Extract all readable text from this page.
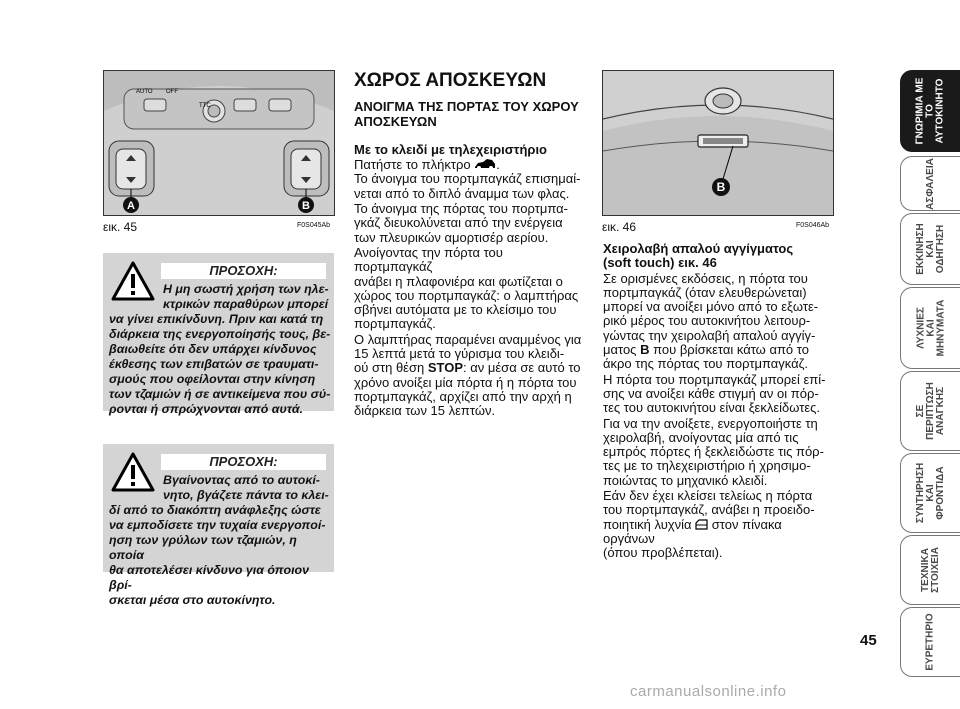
AUTO OFF
TTC
A	B
εικ. 45	F0S045Ab
ΠΡΟΣΟΧΗ:
Η μη σωστή χρήση των ηλε-
κτρικών παραθύρων μπορεί
να γίνει επικίνδυνη. Πριν και κατά τη
διάρκεια της ενεργοποίησής τους, βε-
βαιωθείτε ότι δεν υπάρχει κίνδυνος
έκθεσης των επιβατών σε τραυματι-
σμούς που οφείλονται στην κίνηση
των τζαμιών ή σε αντικείμενα που σύ-
ρονται ή σπρώχνονται από αυτά.
ΠΡΟΣΟΧΗ:
Βγαίνοντας από το αυτοκί-
νητο, βγάζετε πάντα το κλει-
δί από το διακόπτη ανάφλεξης ώστε
να εμποδίσετε την τυχαία ενεργοποί-
ηση των γρύλων των τζαμιών, η οποία
θα αποτελέσει κίνδυνο για όποιον βρί-
σκεται μέσα στο αυτοκίνητο.
ΧΩΡΟΣ ΑΠΟΣΚΕΥΩΝ
ΑΝΟΙΓΜΑ ΤΗΣ ΠΟΡΤΑΣ ΤΟΥ ΧΩΡΟΥ
ΑΠΟΣΚΕΥΩΝ
Με το κλειδί με τηλεχειριστήριο
Πατήστε το πλήκτρο .
Το άνοιγμα του πορτμπαγκάζ επισημαί-
νεται από το διπλό άναμμα των φλας.
Το άνοιγμα της πόρτας του πορτμπα-
γκάζ διευκολύνεται από την ενέργεια
των πλευρικών αμορτισέρ αερίου.
Ανοίγοντας την πόρτα του πορτμπαγκάζ
ανάβει η πλαφονιέρα και φωτίζεται ο
χώρος του πορτμπαγκάζ: ο λαμπτήρας
σβήνει αυτόματα με το κλείσιμο του
πορτμπαγκάζ.
Ο λαμπτήρας παραμένει αναμμένος για
15 λεπτά μετά το γύρισμα του κλειδι-
ού στη θέση STOP: αν μέσα σε αυτό το
χρόνο ανοίξει μία πόρτα ή η πόρτα του
πορτμπαγκάζ, αρχίζει από την αρχή η
διάρκεια των 15 λεπτών.
B
εικ. 46	F0S046Ab
Χειρολαβή απαλού αγγίγματος
(soft touch) εικ. 46
Σε ορισμένες εκδόσεις, η πόρτα του
πορτμπαγκάζ (όταν ελευθερώνεται)
μπορεί να ανοίξει μόνο από το εξωτε-
ρικό μέρος του αυτοκινήτου λειτουρ-
γώντας την χειρολαβή απαλού αγγίγ-
ματος B που βρίσκεται κάτω από το
άκρο της πόρτας του πορτμπαγκάζ.
Η πόρτα του πορτμπαγκάζ μπορεί επί-
σης να ανοίξει κάθε στιγμή αν οι πόρ-
τες του αυτοκινήτου είναι ξεκλείδωτες.
Για να την ανοίξετε, ενεργοποιήστε τη
χειρολαβή, ανοίγοντας μία από τις
εμπρός πόρτες ή ξεκλειδώστε τις πόρ-
τες με το τηλεχειριστήριο ή χρησιμο-
ποιώντας το μηχανικό κλειδί.
Εάν δεν έχει κλείσει τελείως η πόρτα
του πορτμπαγκάζ, ανάβει η προειδο-
ποιητική λυχνία στον πίνακα οργάνων
(όπου προβλέπεται).
ΓΝΩΡΙΜΙΑ ΜΕ
ΤΟ
ΑΥΤΟΚΙΝΗΤΟ
ΑΣΦΑΛΕΙΑ
ΕΚΚΙΝΗΣΗ
ΚΑΙ
ΟΔΗΓΗΣΗ
ΛΥΧΝΙΕΣ
ΚΑΙ
ΜΗΝΥΜΑΤΑ
ΣΕ
ΠΕΡΙΠΤΩΣΗ
ΑΝΑΓΚΗΣ
ΣΥΝΤΗΡΗΣΗ
ΚΑΙ
ΦΡΟΝΤΙΔΑ
ΤΕΧΝΙΚΑ
ΣΤΟΙΧΕΙΑ
ΕΥΡΕΤΗΡΙΟ
45
carmanualsonline.info
